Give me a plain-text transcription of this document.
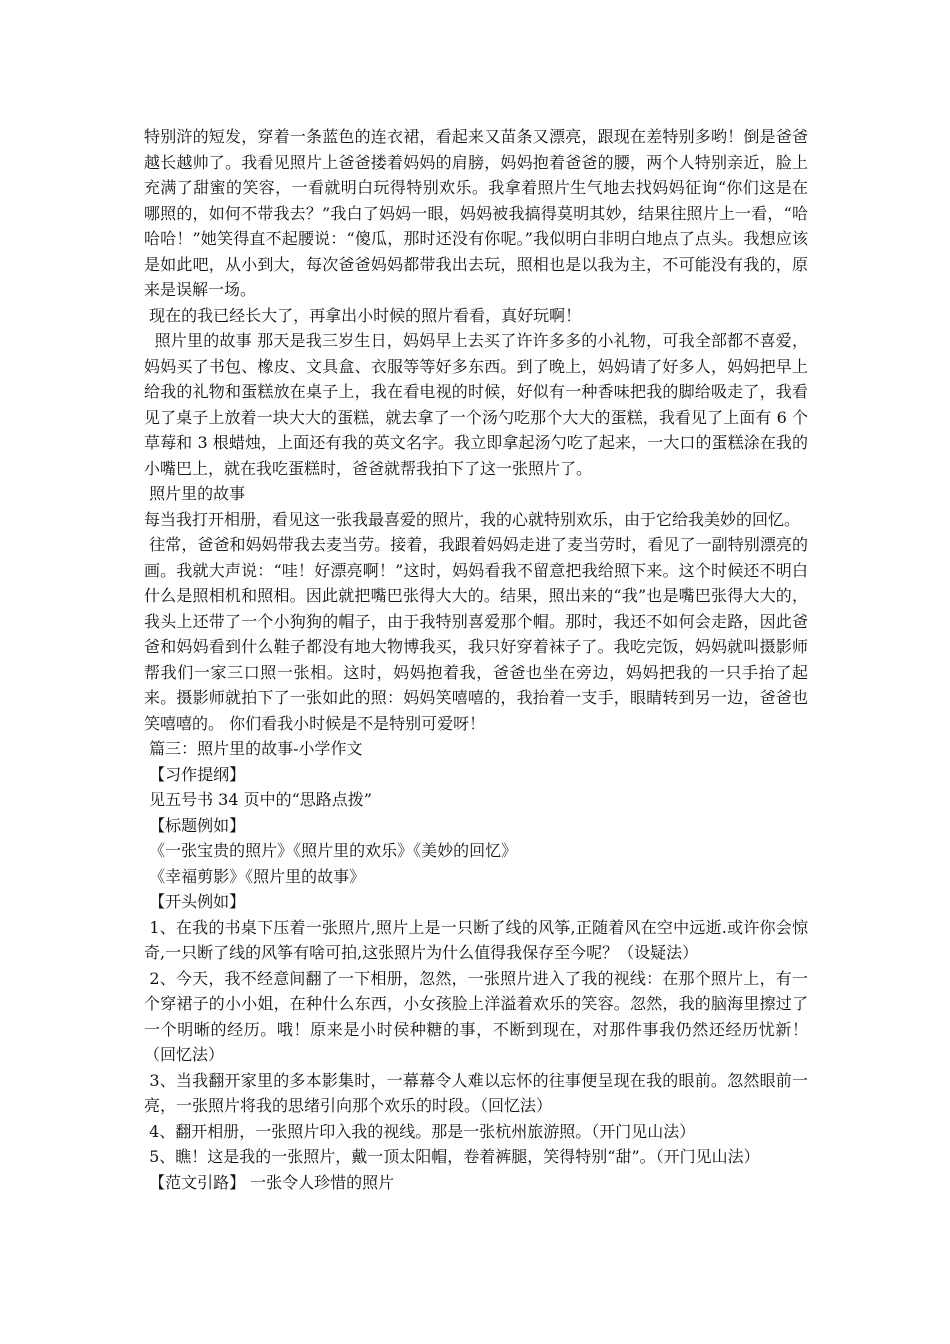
特别浒的短发，穿着一条蓝色的连衣裙，看起来又苗条又漂亮，跟现在差特别多哟！倒是爸爸越长越帅了。我看见照片上爸爸搂着妈妈的肩膀，妈妈抱着爸爸的腰，两个人特别亲近，脸上充满了甜蜜的笑容，一看就明白玩得特别欢乐。我拿着照片生气地去找妈妈征询“你们这是在哪照的，如何不带我去？”我白了妈妈一眼，妈妈被我搞得莫明其妙，结果往照片上一看，“哈哈哈！”她笑得直不起腰说：“傻瓜，那时还没有你呢。”我似明白非明白地点了点头。我想应该是如此吧，从小到大，每次爸爸妈妈都带我出去玩，照相也是以我为主，不可能没有我的，原来是误解一场。

现在的我已经长大了，再拿出小时候的照片看看，真好玩啊！

照片里的故事 那天是我三岁生日，妈妈早上去买了许许多多的小礼物，可我全部都不喜爱，妈妈买了书包、橡皮、文具盒、衣服等等好多东西。到了晚上，妈妈请了好多人，妈妈把早上给我的礼物和蛋糕放在桌子上，我在看电视的时候，好似有一种香味把我的脚给吸走了，我看见了桌子上放着一块大大的蛋糕，就去拿了一个汤勺吃那个大大的蛋糕，我看见了上面有 6 个草莓和 3 根蜡烛，上面还有我的英文名字。我立即拿起汤勺吃了起来，一大口的蛋糕涂在我的小嘴巴上，就在我吃蛋糕时，爸爸就帮我拍下了这一张照片了。

照片里的故事

每当我打开相册，看见这一张我最喜爱的照片，我的心就特别欢乐，由于它给我美妙的回忆。

往常，爸爸和妈妈带我去麦当劳。接着，我跟着妈妈走进了麦当劳时，看见了一副特别漂亮的画。我就大声说：“哇！好漂亮啊！”这时，妈妈看我不留意把我给照下来。这个时候还不明白什么是照相机和照相。因此就把嘴巴张得大大的。结果，照出来的“我”也是嘴巴张得大大的，我头上还带了一个小狗狗的帽子，由于我特别喜爱那个帽。那时，我还不如何会走路，因此爸爸和妈妈看到什么鞋子都没有地大物博我买，我只好穿着袜子了。我吃完饭，妈妈就叫摄影师帮我们一家三口照一张相。这时，妈妈抱着我，爸爸也坐在旁边，妈妈把我的一只手抬了起来。摄影师就拍下了一张如此的照：妈妈笑嘻嘻的，我抬着一支手，眼睛转到另一边，爸爸也笑嘻嘻的。 你们看我小时候是不是特别可爱呀！

篇三：照片里的故事-小学作文

【习作提纲】

见五号书 34 页中的“思路点拨”

【标题例如】

《一张宝贵的照片》《照片里的欢乐》《美妙的回忆》

《幸福剪影》《照片里的故事》

【开头例如】

1、在我的书桌下压着一张照片,照片上是一只断了线的风筝,正随着风在空中远逝.或许你会惊奇,一只断了线的风筝有啥可拍,这张照片为什么值得我保存至今呢？（设疑法）

2、今天，我不经意间翻了一下相册，忽然，一张照片进入了我的视线：在那个照片上，有一个穿裙子的小小姐，在种什么东西，小女孩脸上洋溢着欢乐的笑容。忽然，我的脑海里擦过了一个明晰的经历。哦！原来是小时侯种糖的事，不断到现在，对那件事我仍然还经历忧新！（回忆法）

3、当我翻开家里的多本影集时，一幕幕令人难以忘怀的往事便呈现在我的眼前。忽然眼前一亮，一张照片将我的思绪引向那个欢乐的时段。（回忆法）

4、翻开相册，一张照片印入我的视线。那是一张杭州旅游照。（开门见山法）

5、瞧！这是我的一张照片，戴一顶太阳帽，卷着裤腿，笑得特别“甜”。（开门见山法）

【范文引路】 一张令人珍惜的照片
